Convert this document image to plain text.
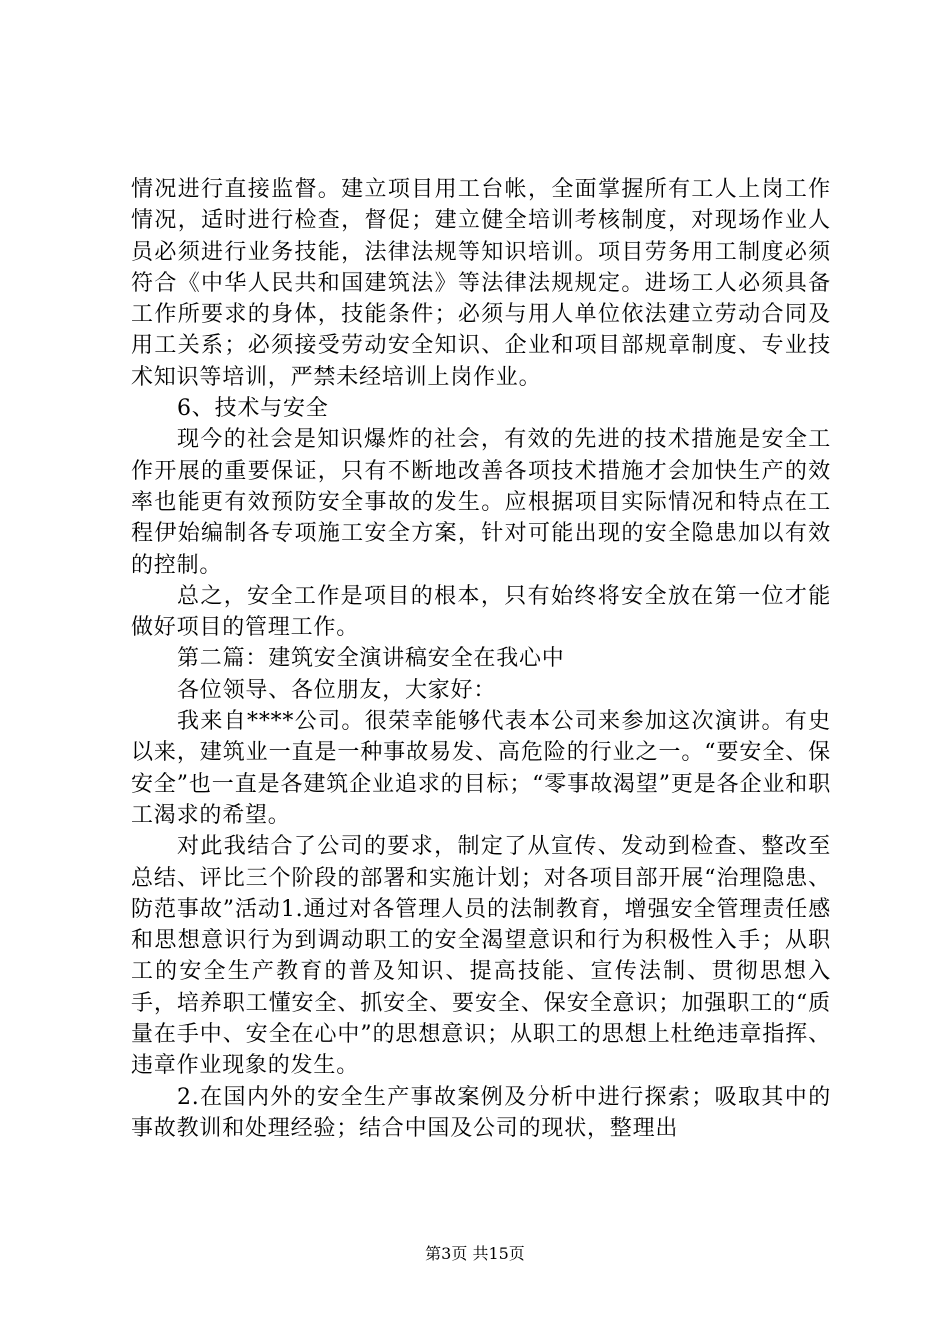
情况进行直接监督。建立项目用工台帐，全面掌握所有工人上岗工作情况，适时进行检查，督促；建立健全培训考核制度，对现场作业人员必须进行业务技能，法律法规等知识培训。项目劳务用工制度必须符合《中华人民共和国建筑法》等法律法规规定。进场工人必须具备工作所要求的身体，技能条件；必须与用人单位依法建立劳动合同及用工关系；必须接受劳动安全知识、企业和项目部规章制度、专业技术知识等培训，严禁未经培训上岗作业。

6、技术与安全

现今的社会是知识爆炸的社会，有效的先进的技术措施是安全工作开展的重要保证，只有不断地改善各项技术措施才会加快生产的效率也能更有效预防安全事故的发生。应根据项目实际情况和特点在工程伊始编制各专项施工安全方案，针对可能出现的安全隐患加以有效的控制。

总之，安全工作是项目的根本，只有始终将安全放在第一位才能做好项目的管理工作。

第二篇：建筑安全演讲稿安全在我心中

各位领导、各位朋友，大家好：

我来自****公司。很荣幸能够代表本公司来参加这次演讲。有史以来，建筑业一直是一种事故易发、高危险的行业之一。“要安全、保安全”也一直是各建筑企业追求的目标；“零事故渴望”更是各企业和职工渴求的希望。

对此我结合了公司的要求，制定了从宣传、发动到检查、整改至总结、评比三个阶段的部署和实施计划；对各项目部开展“治理隐患、防范事故”活动1.通过对各管理人员的法制教育，增强安全管理责任感和思想意识行为到调动职工的安全渴望意识和行为积极性入手；从职工的安全生产教育的普及知识、提高技能、宣传法制、贯彻思想入手，培养职工懂安全、抓安全、要安全、保安全意识；加强职工的“质量在手中、安全在心中”的思想意识；从职工的思想上杜绝违章指挥、违章作业现象的发生。

2.在国内外的安全生产事故案例及分析中进行探索；吸取其中的事故教训和处理经验；结合中国及公司的现状，整理出

第3页 共15页
